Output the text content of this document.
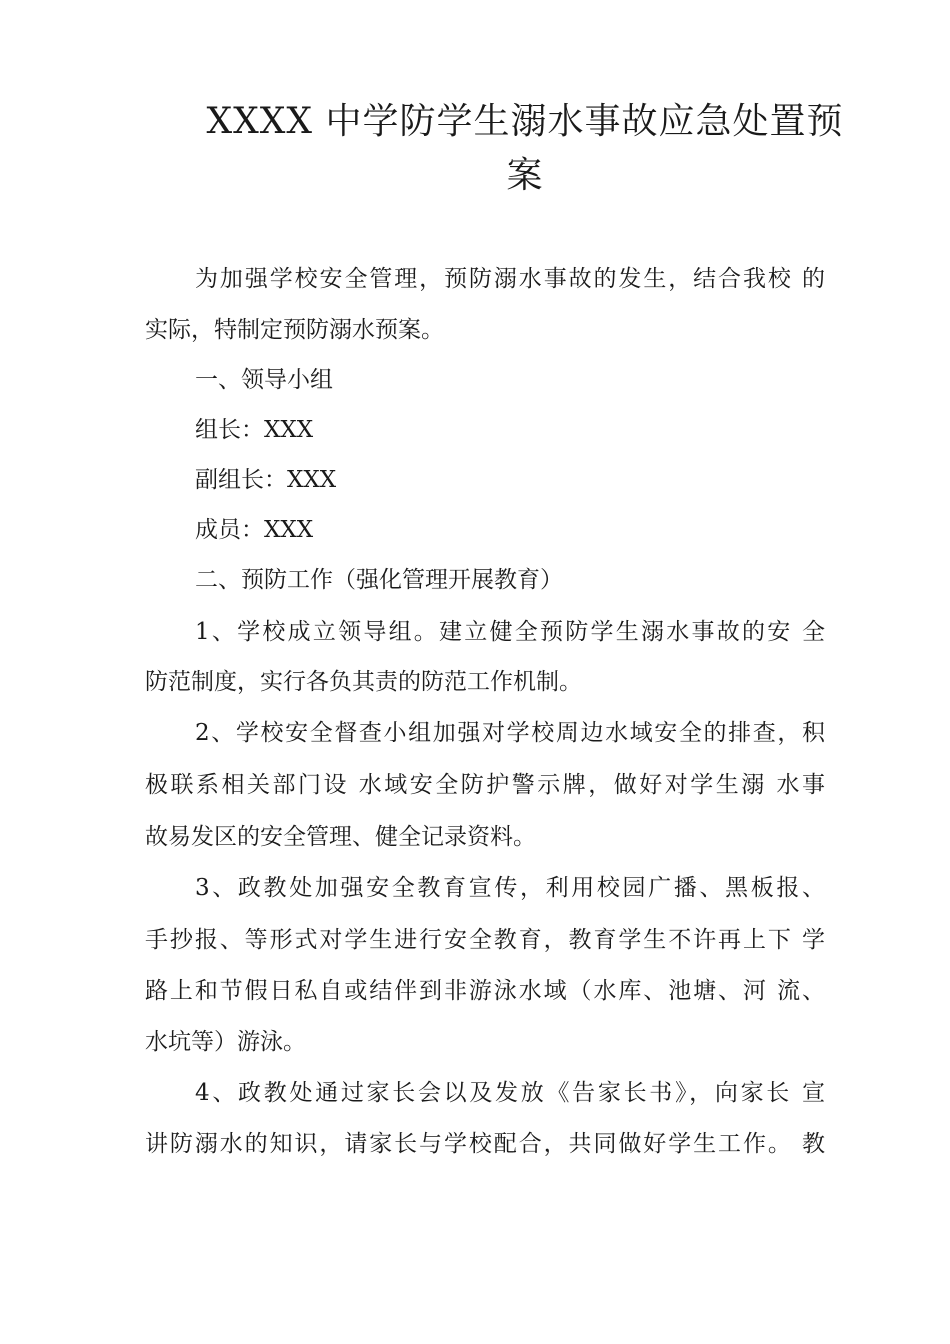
XXXX 中学防学生溺水事故应急处置预
案
为加强学校安全管理，预防溺水事故的发生，结合我校 的
实际，特制定预防溺水预案。
一、领导小组
组长：XXX
副组长：XXX
成员：XXX
二、预防工作（强化管理开展教育）
1、学校成立领导组。建立健全预防学生溺水事故的安 全
防范制度，实行各负其责的防范工作机制。
2、学校安全督查小组加强对学校周边水域安全的排查，积
极联系相关部门设 水域安全防护警示牌，做好对学生溺 水事
故易发区的安全管理、健全记录资料。
3、政教处加强安全教育宣传，利用校园广播、黑板报、
手抄报、等形式对学生进行安全教育，教育学生不许再上下 学
路上和节假日私自或结伴到非游泳水域（水库、池塘、河 流、
水坑等）游泳。
4、政教处通过家长会以及发放《告家长书》，向家长 宣
讲防溺水的知识，请家长与学校配合，共同做好学生工作。 教
